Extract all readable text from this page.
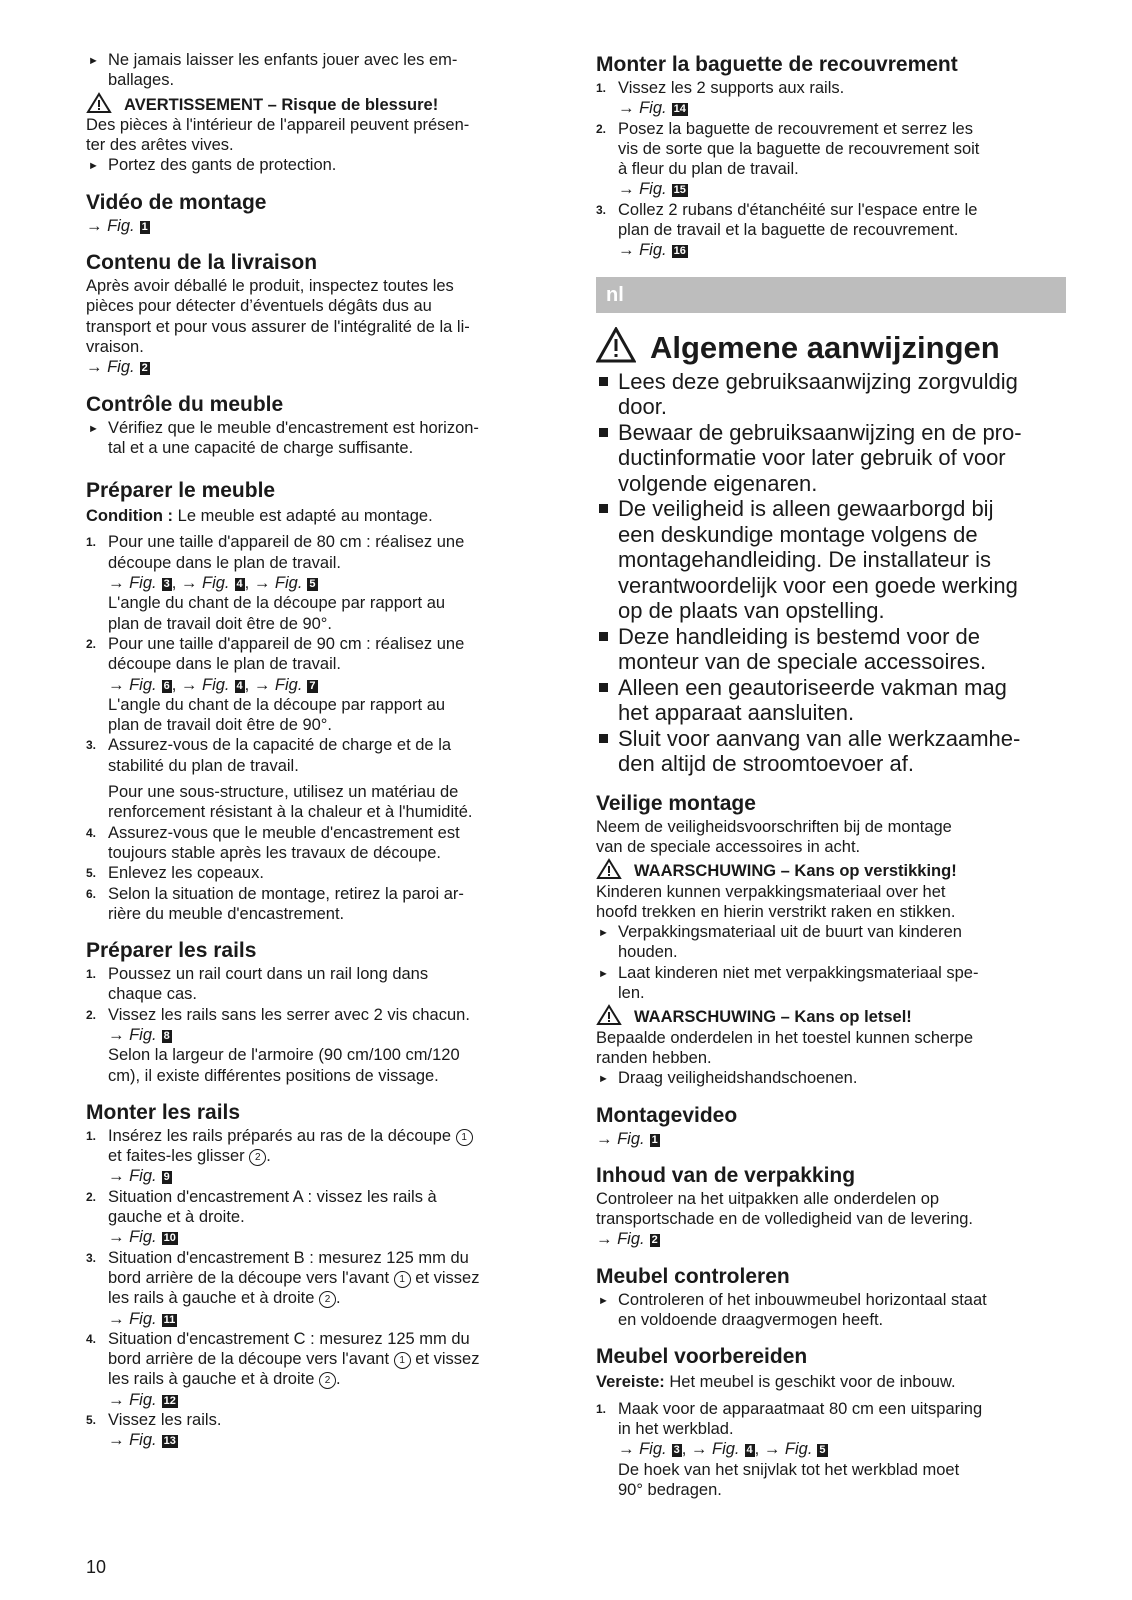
► Ne jamais laisser les enfants jouer avec les em-
ballages.
AVERTISSEMENT – Risque de blessure!
Des pièces à l'intérieur de l'appareil peuvent présen-
ter des arêtes vives.
► Portez des gants de protection.
Vidéo de montage
→ Fig. 1
Contenu de la livraison
Après avoir déballé le produit, inspectez toutes les
pièces pour détecter d’éventuels dégâts dus au
transport et pour vous assurer de l'intégralité de la li-
vraison.
→ Fig. 2
Contrôle du meuble
► Vérifiez que le meuble d'encastrement est horizon-
tal et a une capacité de charge suffisante.
Préparer le meuble
Condition : Le meuble est adapté au montage.
1. Pour une taille d'appareil de 80 cm : réalisez une
découpe dans le plan de travail.
→ Fig. 3 , → Fig. 4 , → Fig. 5
L'angle du chant de la découpe par rapport au
plan de travail doit être de 90°.
2. Pour une taille d'appareil de 90 cm : réalisez une
découpe dans le plan de travail.
→ Fig. 6 , → Fig. 4 , → Fig. 7
L'angle du chant de la découpe par rapport au
plan de travail doit être de 90°.
3. Assurez-vous de la capacité de charge et de la
stabilité du plan de travail.
Pour une sous-structure, utilisez un matériau de
renforcement résistant à la chaleur et à l'humidité.
4. Assurez-vous que le meuble d'encastrement est
toujours stable après les travaux de découpe.
5. Enlevez les copeaux.
6. Selon la situation de montage, retirez la paroi ar-
rière du meuble d'encastrement.
Préparer les rails
1. Poussez un rail court dans un rail long dans
chaque cas.
2. Vissez les rails sans les serrer avec 2 vis chacun.
→ Fig. 8
Selon la largeur de l'armoire (90 cm/100 cm/120
cm), il existe différentes positions de vissage.
Monter les rails
1. Insérez les rails préparés au ras de la découpe 1
et faites-les glisser 2 .
→ Fig. 9
2. Situation d'encastrement A : vissez les rails à
gauche et à droite.
→ Fig. 10
3. Situation d'encastrement B : mesurez 125 mm du
bord arrière de la découpe vers l'avant 1 et vissez
les rails à gauche et à droite 2 .
→ Fig. 11
4. Situation d'encastrement C : mesurez 125 mm du
bord arrière de la découpe vers l'avant 1 et vissez
les rails à gauche et à droite 2 .
→ Fig. 12
5. Vissez les rails.
→ Fig. 13
Monter la baguette de recouvrement
1. Vissez les 2 supports aux rails.
→ Fig. 14
2. Posez la baguette de recouvrement et serrez les
vis de sorte que la baguette de recouvrement soit
à fleur du plan de travail.
→ Fig. 15
3. Collez 2 rubans d'étanchéité sur l'espace entre le
plan de travail et la baguette de recouvrement.
→ Fig. 16
nl
Algemene aanwijzingen
Lees deze gebruiksaanwijzing zorgvuldig
door.
Bewaar de gebruiksaanwijzing en de pro-
ductinformatie voor later gebruik of voor
volgende eigenaren.
De veiligheid is alleen gewaarborgd bij
een deskundige montage volgens de
montagehandleiding. De installateur is
verantwoordelijk voor een goede werking
op de plaats van opstelling.
Deze handleiding is bestemd voor de
monteur van de speciale accessoires.
Alleen een geautoriseerde vakman mag
het apparaat aansluiten.
Sluit voor aanvang van alle werkzaamhe-
den altijd de stroomtoevoer af.
Veilige montage
Neem de veiligheidsvoorschriften bij de montage
van de speciale accessoires in acht.
WAARSCHUWING – Kans op verstikking!
Kinderen kunnen verpakkingsmateriaal over het
hoofd trekken en hierin verstrikt raken en stikken.
► Verpakkingsmateriaal uit de buurt van kinderen
houden.
► Laat kinderen niet met verpakkingsmateriaal spe-
len.
WAARSCHUWING – Kans op letsel!
Bepaalde onderdelen in het toestel kunnen scherpe
randen hebben.
► Draag veiligheidshandschoenen.
Montagevideo
→ Fig. 1
Inhoud van de verpakking
Controleer na het uitpakken alle onderdelen op
transportschade en de volledigheid van de levering.
→ Fig. 2
Meubel controleren
► Controleren of het inbouwmeubel horizontaal staat
en voldoende draagvermogen heeft.
Meubel voorbereiden
Vereiste: Het meubel is geschikt voor de inbouw.
1. Maak voor de apparaatmaat 80 cm een uitsparing
in het werkblad.
→ Fig. 3 , → Fig. 4 , → Fig. 5
De hoek van het snijvlak tot het werkblad moet
90° bedragen.
10
